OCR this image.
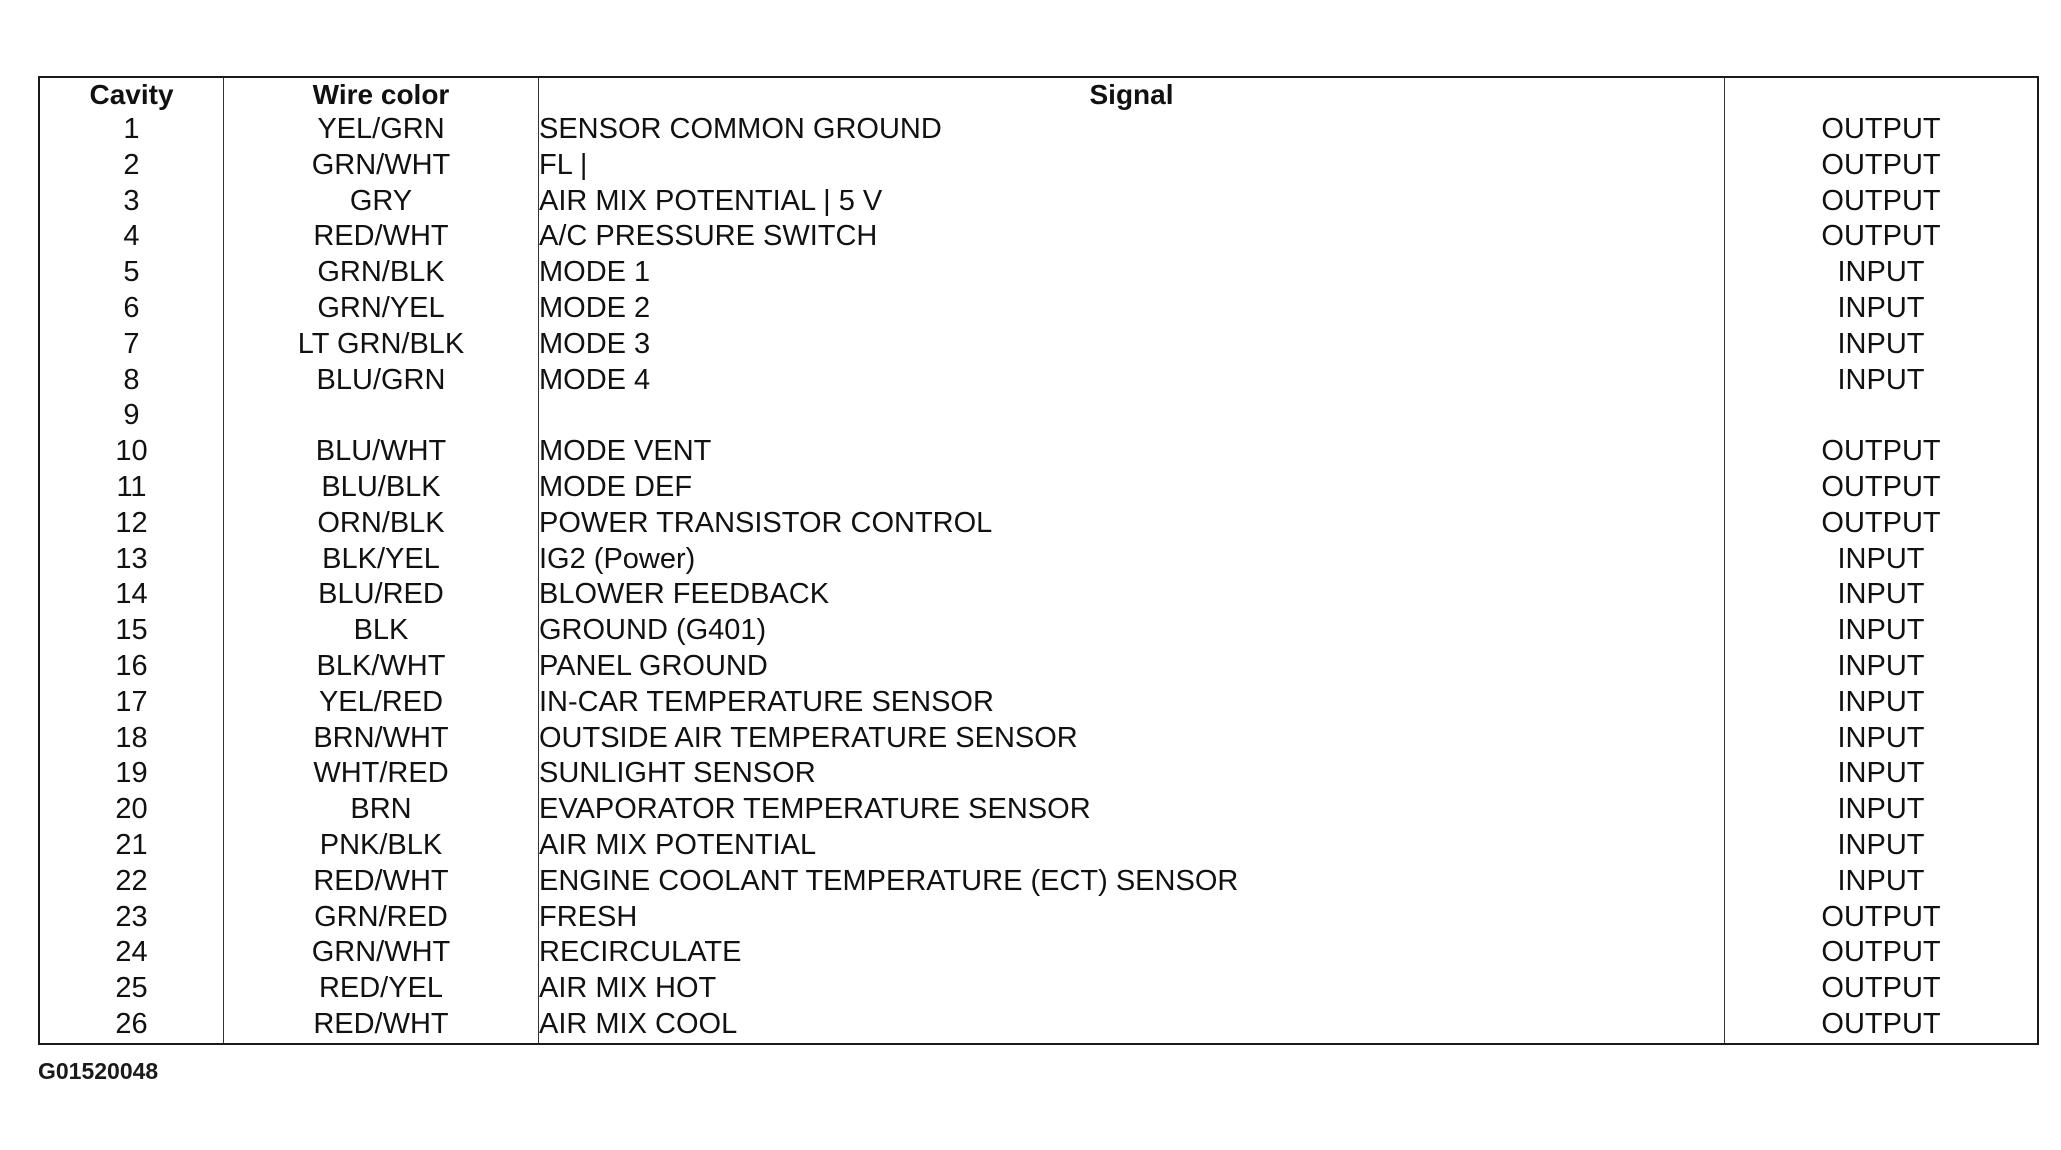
Cavity	Wire color	Signal	
1	YEL/GRN	SENSOR COMMON GROUND	OUTPUT
2	GRN/WHT	FL |	OUTPUT
3	GRY	AIR MIX POTENTIAL | 5 V	OUTPUT
4	RED/WHT	A/C PRESSURE SWITCH	OUTPUT
5	GRN/BLK	MODE 1	INPUT
6	GRN/YEL	MODE 2	INPUT
7	LT GRN/BLK	MODE 3	INPUT
8	BLU/GRN	MODE 4	INPUT
9			
10	BLU/WHT	MODE VENT	OUTPUT
11	BLU/BLK	MODE DEF	OUTPUT
12	ORN/BLK	POWER TRANSISTOR CONTROL	OUTPUT
13	BLK/YEL	IG2 (Power)	INPUT
14	BLU/RED	BLOWER FEEDBACK	INPUT
15	BLK	GROUND (G401)	INPUT
16	BLK/WHT	PANEL GROUND	INPUT
17	YEL/RED	IN-CAR TEMPERATURE SENSOR	INPUT
18	BRN/WHT	OUTSIDE AIR TEMPERATURE SENSOR	INPUT
19	WHT/RED	SUNLIGHT SENSOR	INPUT
20	BRN	EVAPORATOR TEMPERATURE SENSOR	INPUT
21	PNK/BLK	AIR MIX POTENTIAL	INPUT
22	RED/WHT	ENGINE COOLANT TEMPERATURE (ECT) SENSOR	INPUT
23	GRN/RED	FRESH	OUTPUT
24	GRN/WHT	RECIRCULATE	OUTPUT
25	RED/YEL	AIR MIX HOT	OUTPUT
26	RED/WHT	AIR MIX COOL	OUTPUT
G01520048
